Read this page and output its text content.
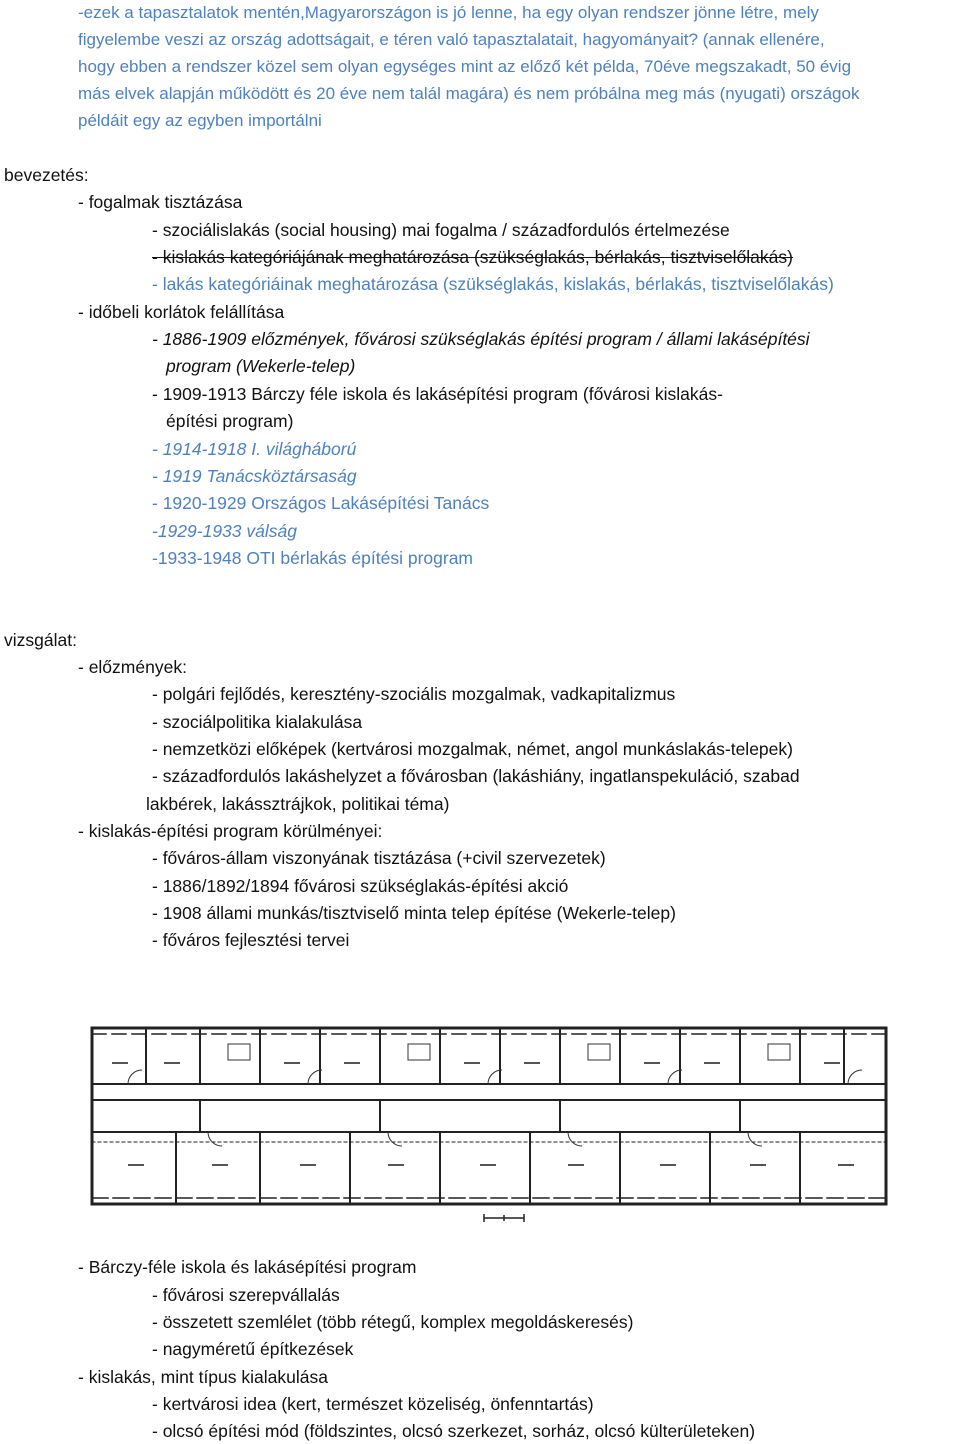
-ezek a tapasztalatok mentén,Magyarországon is jó lenne, ha egy olyan rendszer jönne létre, mely
figyelembe veszi az ország adottságait, e téren való tapasztalatait, hagyományait? (annak ellenére,
hogy ebben a rendszer közel sem olyan egységes mint az előző két példa, 70éve megszakadt, 50 évig
más elvek alapján működött és 20 éve nem talál magára) és nem próbálna meg más (nyugati) országok
példáit egy az egyben importálni
bevezetés:
- fogalmak tisztázása
- szociálislakás (social housing) mai fogalma / századfordulós értelmezése
- kislakás kategóriájának meghatározása (szükséglakás, bérlakás, tisztviselőlakás)
- lakás kategóriáinak meghatározása (szükséglakás, kislakás, bérlakás, tisztviselőlakás)
- időbeli korlátok felállítása
- 1886-1909 előzmények, fővárosi szükséglakás építési program / állami lakásépítési
program (Wekerle-telep)
- 1909-1913 Bárczy féle iskola és lakásépítési program (fővárosi kislakás-
építési program)
- 1914-1918 I. világháború
- 1919 Tanácsköztársaság
- 1920-1929 Országos Lakásépítési Tanács
-1929-1933 válság
-1933-1948 OTI bérlakás építési program
vizsgálat:
- előzmények:
- polgári fejlődés, keresztény-szociális mozgalmak, vadkapitalizmus
- szociálpolitika kialakulása
- nemzetközi előképek (kertvárosi mozgalmak, német, angol munkáslakás-telepek)
- századfordulós lakáshelyzet a fővárosban (lakáshiány, ingatlanspekuláció, szabad
lakbérek, lakássztrájkok, politikai téma)
- kislakás-építési program körülményei:
- főváros-állam viszonyának tisztázása (+civil szervezetek)
- 1886/1892/1894 fővárosi szükséglakás-építési akció
- 1908 állami munkás/tisztviselő minta telep építése (Wekerle-telep)
- főváros fejlesztési tervei
- Bárczy-féle iskola és lakásépítési program
- fővárosi szerepvállalás
- összetett szemlélet (több rétegű, komplex megoldáskeresés)
- nagyméretű építkezések
- kislakás, mint típus kialakulása
- kertvárosi idea (kert, természet közeliség, önfenntartás)
- olcsó építési mód (földszintes, olcsó szerkezet, sorház, olcsó külterületeken)
